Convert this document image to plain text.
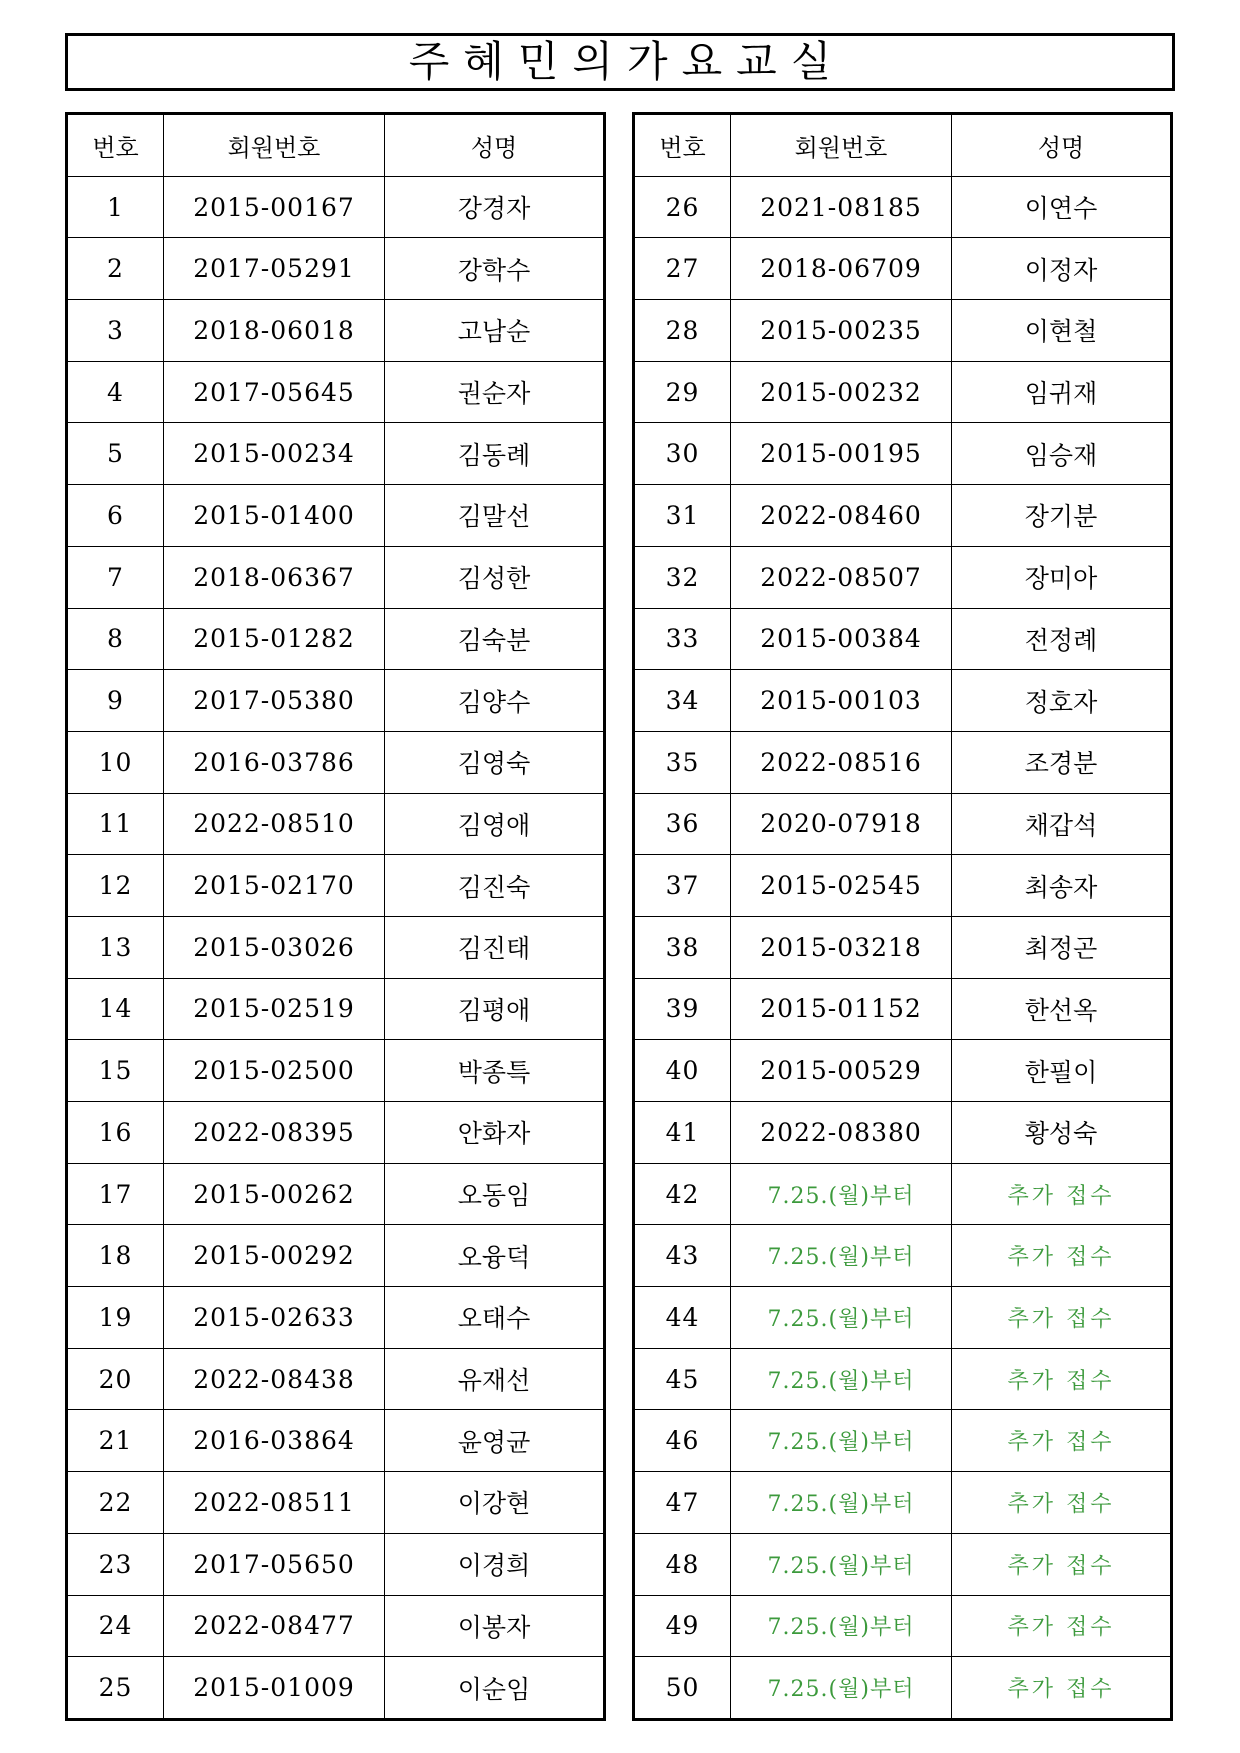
주혜민의가요교실
번호	회원번호	성명
1	2015-00167	강경자
2	2017-05291	강학수
3	2018-06018	고남순
4	2017-05645	권순자
5	2015-00234	김동례
6	2015-01400	김말선
7	2018-06367	김성한
8	2015-01282	김숙분
9	2017-05380	김양수
10	2016-03786	김영숙
11	2022-08510	김영애
12	2015-02170	김진숙
13	2015-03026	김진태
14	2015-02519	김평애
15	2015-02500	박종특
16	2022-08395	안화자
17	2015-00262	오동임
18	2015-00292	오융덕
19	2015-02633	오태수
20	2022-08438	유재선
21	2016-03864	윤영균
22	2022-08511	이강현
23	2017-05650	이경희
24	2022-08477	이봉자
25	2015-01009	이순임
번호	회원번호	성명
26	2021-08185	이연수
27	2018-06709	이정자
28	2015-00235	이현철
29	2015-00232	임귀재
30	2015-00195	임승재
31	2022-08460	장기분
32	2022-08507	장미아
33	2015-00384	전정례
34	2015-00103	정호자
35	2022-08516	조경분
36	2020-07918	채갑석
37	2015-02545	최송자
38	2015-03218	최정곤
39	2015-01152	한선옥
40	2015-00529	한필이
41	2022-08380	황성숙
42	7.25.(월)부터	추가 접수
43	7.25.(월)부터	추가 접수
44	7.25.(월)부터	추가 접수
45	7.25.(월)부터	추가 접수
46	7.25.(월)부터	추가 접수
47	7.25.(월)부터	추가 접수
48	7.25.(월)부터	추가 접수
49	7.25.(월)부터	추가 접수
50	7.25.(월)부터	추가 접수
